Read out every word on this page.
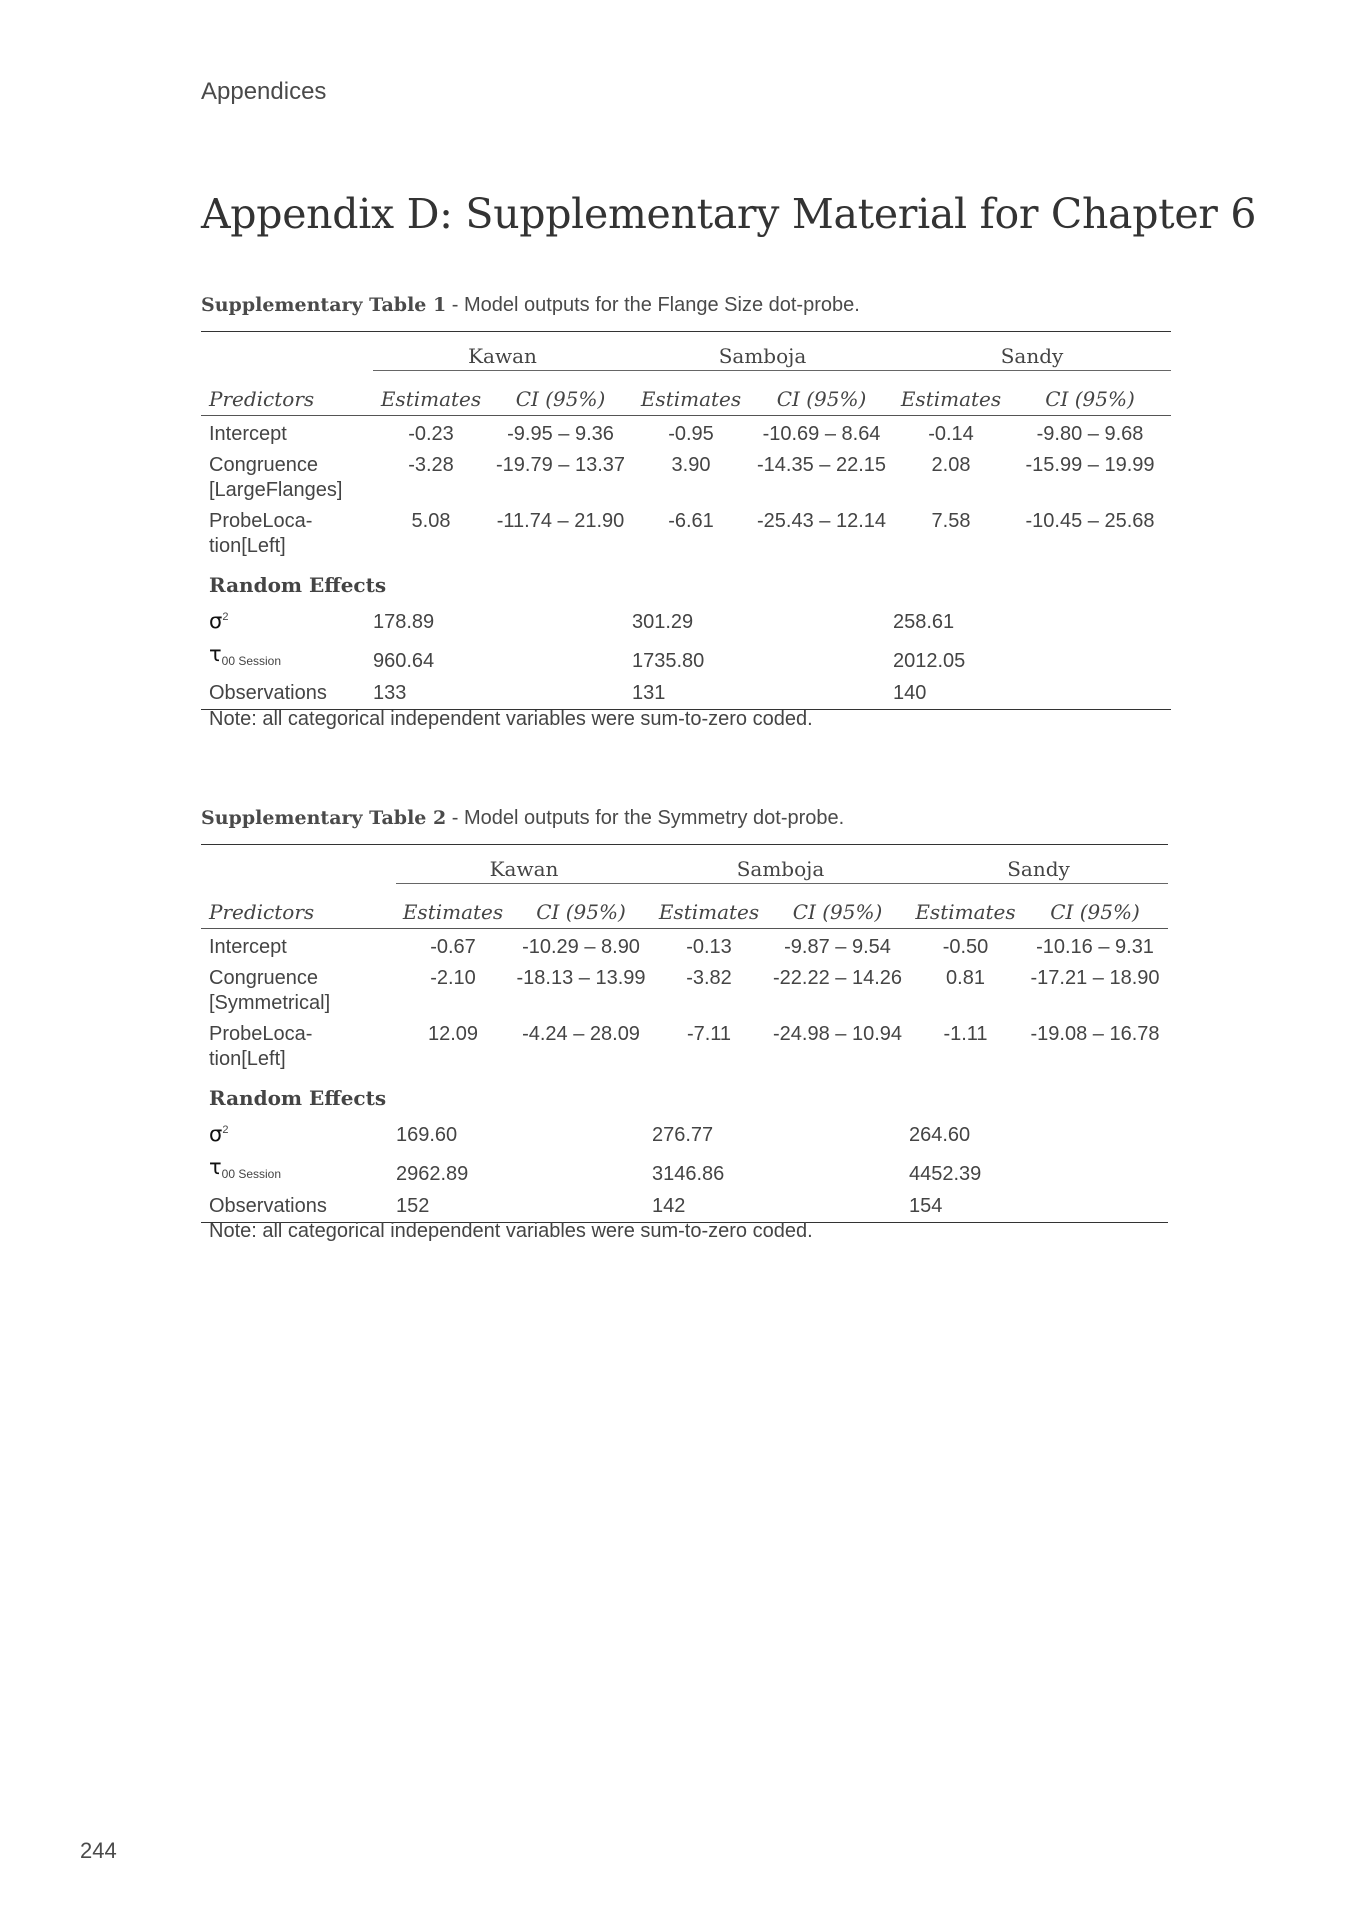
Appendices
Appendix D: Supplementary Material for Chapter 6
Supplementary Table 1 - Model outputs for the Flange Size dot-probe.
	Kawan		Samboja		Sandy	
Predictors	Estimates	CI (95%)	Estimates	CI (95%)	Estimates	CI (95%)
Intercept	-0.23	-9.95 – 9.36	-0.95	-10.69 – 8.64	-0.14	-9.80 – 9.68
Congruence [LargeFlanges]	-3.28	-19.79 – 13.37	3.90	-14.35 – 22.15	2.08	-15.99 – 19.99
ProbeLoca-tion[Left]	5.08	-11.74 – 21.90	-6.61	-25.43 – 12.14	7.58	-10.45 – 25.68
Random Effects						
$\sigma^2$	178.89		301.29		258.61	
$\tau_{00 Session}$	960.64		1735.80		2012.05	
Observations	133		131		140	
Note: all categorical independent variables were sum-to-zero coded.
Supplementary Table 2 - Model outputs for the Symmetry dot-probe.
	Kawan		Samboja		Sandy	
Predictors	Estimates	CI (95%)	Estimates	CI (95%)	Estimates	CI (95%)
Intercept	-0.67	-10.29 – 8.90	-0.13	-9.87 – 9.54	-0.50	-10.16 – 9.31
Congruence [Symmetrical]	-2.10	-18.13 – 13.99	-3.82	-22.22 – 14.26	0.81	-17.21 – 18.90
ProbeLoca-tion[Left]	12.09	-4.24 – 28.09	-7.11	-24.98 – 10.94	-1.11	-19.08 – 16.78
Random Effects						
$\sigma^2$	169.60		276.77		264.60	
$\tau_{00 Session}$	2962.89		3146.86		4452.39	
Observations	152		142		154	
Note: all categorical independent variables were sum-to-zero coded.
244
